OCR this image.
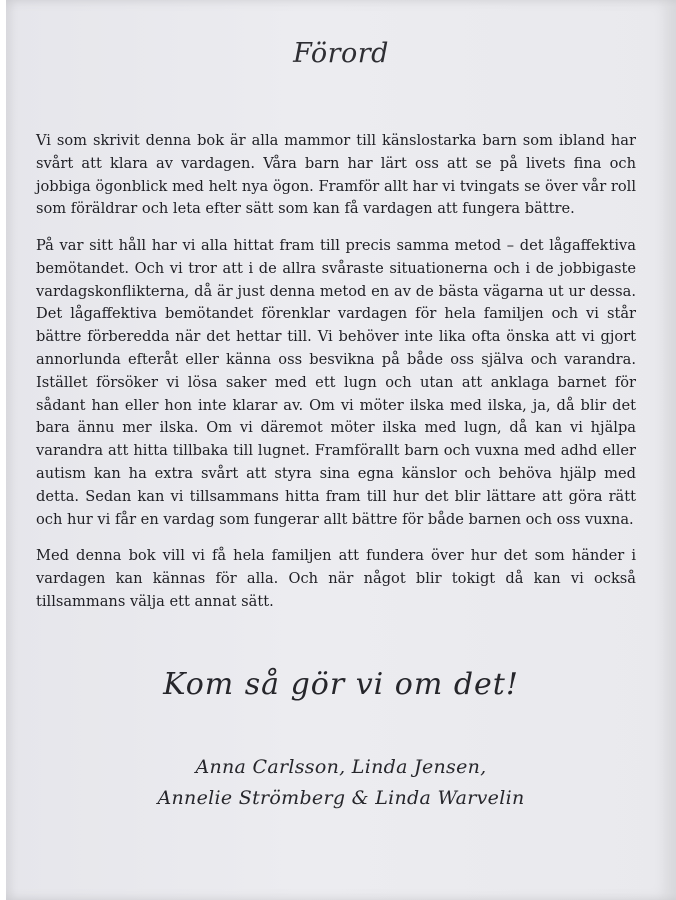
Förord
Vi som skrivit denna bok är alla mammor till känslostarka barn som ibland har svårt att klara av vardagen. Våra barn har lärt oss att se på livets fina och jobbiga ögonblick med helt nya ögon. Framför allt har vi tvingats se över vår roll som föräldrar och leta efter sätt som kan få vardagen att fungera bättre.
På var sitt håll har vi alla hittat fram till precis samma metod – det lågaffektiva bemötandet. Och vi tror att i de allra svåraste situationerna och i de jobbigaste vardagskonflikterna, då är just denna metod en av de bästa vägarna ut ur dessa. Det lågaffektiva bemötandet förenklar vardagen för hela familjen och vi står bättre förberedda när det hettar till. Vi behöver inte lika ofta önska att vi gjort annorlunda efteråt eller känna oss besvikna på både oss själva och varandra. Istället försöker vi lösa saker med ett lugn och utan att anklaga barnet för sådant han eller hon inte klarar av. Om vi möter ilska med ilska, ja, då blir det bara ännu mer ilska. Om vi däremot möter ilska med lugn, då kan vi hjälpa varandra att hitta tillbaka till lugnet. Framförallt barn och vuxna med adhd eller autism kan ha extra svårt att styra sina egna känslor och behöva hjälp med detta. Sedan kan vi tillsammans hitta fram till hur det blir lättare att göra rätt och hur vi får en vardag som fungerar allt bättre för både barnen och oss vuxna.
Med denna bok vill vi få hela familjen att fundera över hur det som händer i vardagen kan kännas för alla. Och när något blir tokigt då kan vi också tillsammans välja ett annat sätt.
Kom så gör vi om det!
Anna Carlsson, Linda Jensen,
Annelie Strömberg & Linda Warvelin
